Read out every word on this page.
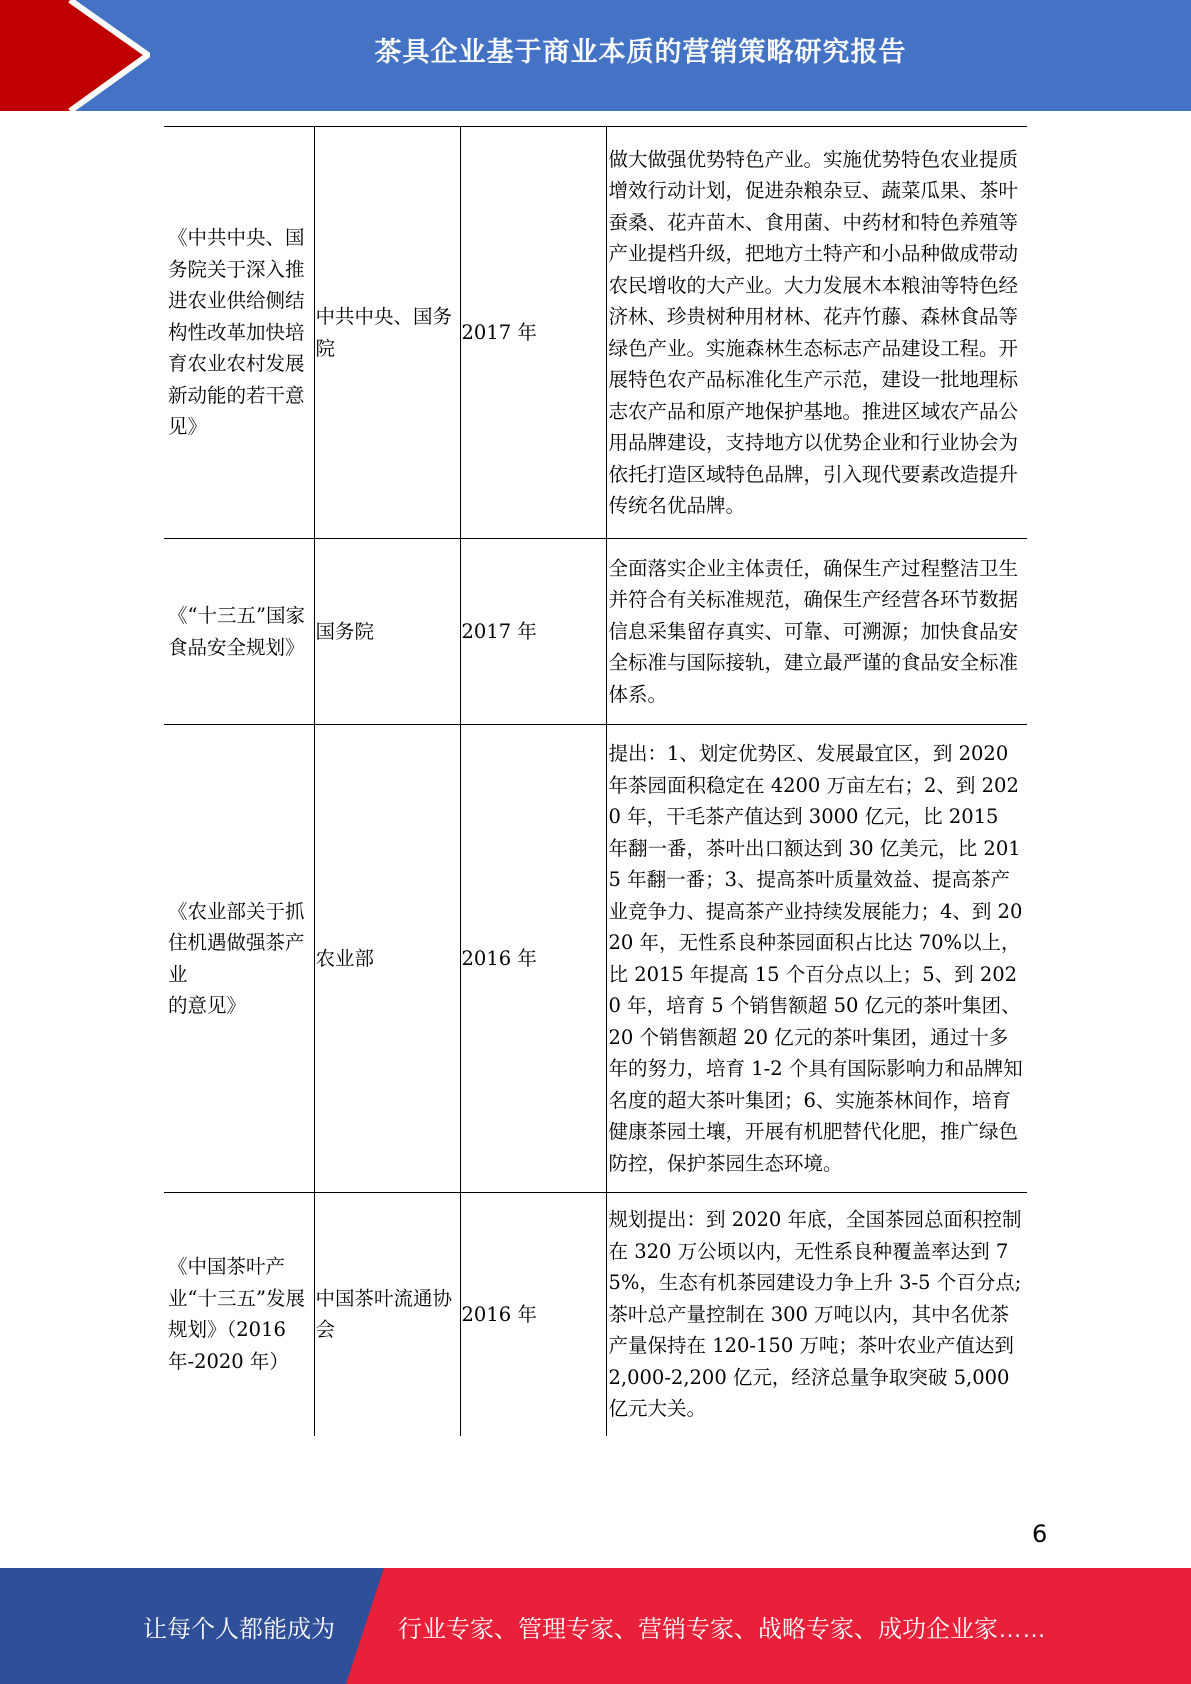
茶具企业基于商业本质的营销策略研究报告
《中共中央、国务院关于深入推进农业供给侧结构性改革加快培育农业农村发展新动能的若干意见》	中共中央、国务院	2017 年	做大做强优势特色产业。实施优势特色农业提质增效行动计划，促进杂粮杂豆、蔬菜瓜果、茶叶蚕桑、花卉苗木、食用菌、中药材和特色养殖等产业提档升级，把地方土特产和小品种做成带动农民增收的大产业。大力发展木本粮油等特色经济林、珍贵树种用材林、花卉竹藤、森林食品等绿色产业。实施森林生态标志产品建设工程。开展特色农产品标准化生产示范，建设一批地理标志农产品和原产地保护基地。推进区域农产品公用品牌建设，支持地方以优势企业和行业协会为依托打造区域特色品牌，引入现代要素改造提升传统名优品牌。
《“十三五”国家食品安全规划》	国务院	2017 年	全面落实企业主体责任，确保生产过程整洁卫生并符合有关标准规范，确保生产经营各环节数据信息采集留存真实、可靠、可溯源；加快食品安全标准与国际接轨，建立最严谨的食品安全标准体系。
《农业部关于抓住机遇做强茶产业
的意见》	农业部	2016 年	提出：1、划定优势区、发展最宜区，到 2020 年茶园面积稳定在 4200 万亩左右；2、到 2020 年，干毛茶产值达到 3000 亿元，比 2015 年翻一番，茶叶出口额达到 30 亿美元，比 2015 年翻一番；3、提高茶叶质量效益、提高茶产业竞争力、提高茶产业持续发展能力；4、到 2020 年，无性系良种茶园面积占比达 70%以上，比 2015 年提高 15 个百分点以上；5、到 2020 年，培育 5 个销售额超 50 亿元的茶叶集团、20 个销售额超 20 亿元的茶叶集团，通过十多年的努力，培育 1-2 个具有国际影响力和品牌知名度的超大茶叶集团；6、实施茶林间作，培育健康茶园土壤，开展有机肥替代化肥，推广绿色防控，保护茶园生态环境。
《中国茶叶产业“十三五”发展规划》（2016 年-2020 年）	中国茶叶流通协会	2016 年	规划提出：到 2020 年底，全国茶园总面积控制在 320 万公顷以内，无性系良种覆盖率达到 75%，生态有机茶园建设力争上升 3-5 个百分点;茶叶总产量控制在 300 万吨以内，其中名优茶产量保持在 120-150 万吨；茶叶农业产值达到 2,000-2,200 亿元，经济总量争取突破 5,000 亿元大关。
6
让每个人都能成为	行业专家、管理专家、营销专家、战略专家、成功企业家……
